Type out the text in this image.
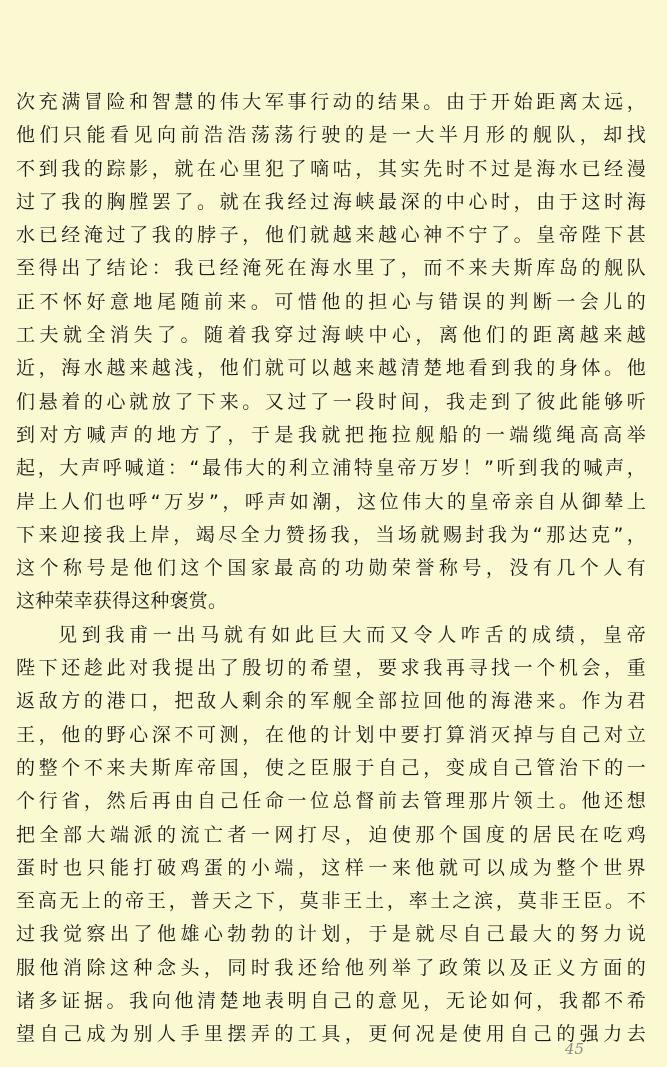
次充满冒险和智慧的伟大军事行动的结果。由于开始距离太远，
他们只能看见向前浩浩荡荡行驶的是一大半月形的舰队，却找
不到我的踪影，就在心里犯了嘀咕，其实先时不过是海水已经漫
过了我的胸膛罢了。就在我经过海峡最深的中心时，由于这时海
水已经淹过了我的脖子，他们就越来越心神不宁了。皇帝陛下甚
至得出了结论：我已经淹死在海水里了，而不来夫斯库岛的舰队
正不怀好意地尾随前来。可惜他的担心与错误的判断一会儿的
工夫就全消失了。随着我穿过海峡中心，离他们的距离越来越
近，海水越来越浅，他们就可以越来越清楚地看到我的身体。他
们悬着的心就放了下来。又过了一段时间，我走到了彼此能够听
到对方喊声的地方了，于是我就把拖拉舰船的一端缆绳高高举
起，大声呼喊道：“最伟大的利立浦特皇帝万岁！”听到我的喊声，
岸上人们也呼“万岁”，呼声如潮，这位伟大的皇帝亲自从御辇上
下来迎接我上岸，竭尽全力赞扬我，当场就赐封我为“那达克”，
这个称号是他们这个国家最高的功勋荣誉称号，没有几个人有
这种荣幸获得这种褒赏。
见到我甫一出马就有如此巨大而又令人咋舌的成绩，皇帝
陛下还趁此对我提出了殷切的希望，要求我再寻找一个机会，重
返敌方的港口，把敌人剩余的军舰全部拉回他的海港来。作为君
王，他的野心深不可测，在他的计划中要打算消灭掉与自己对立
的整个不来夫斯库帝国，使之臣服于自己，变成自己管治下的一
个行省，然后再由自己任命一位总督前去管理那片领土。他还想
把全部大端派的流亡者一网打尽，迫使那个国度的居民在吃鸡
蛋时也只能打破鸡蛋的小端，这样一来他就可以成为整个世界
至高无上的帝王，普天之下，莫非王土，率土之滨，莫非王臣。不
过我觉察出了他雄心勃勃的计划，于是就尽自己最大的努力说
服他消除这种念头，同时我还给他列举了政策以及正义方面的
诸多证据。我向他清楚地表明自己的意见，无论如何，我都不希
望自己成为别人手里摆弄的工具，更何况是使用自己的强力去
45
